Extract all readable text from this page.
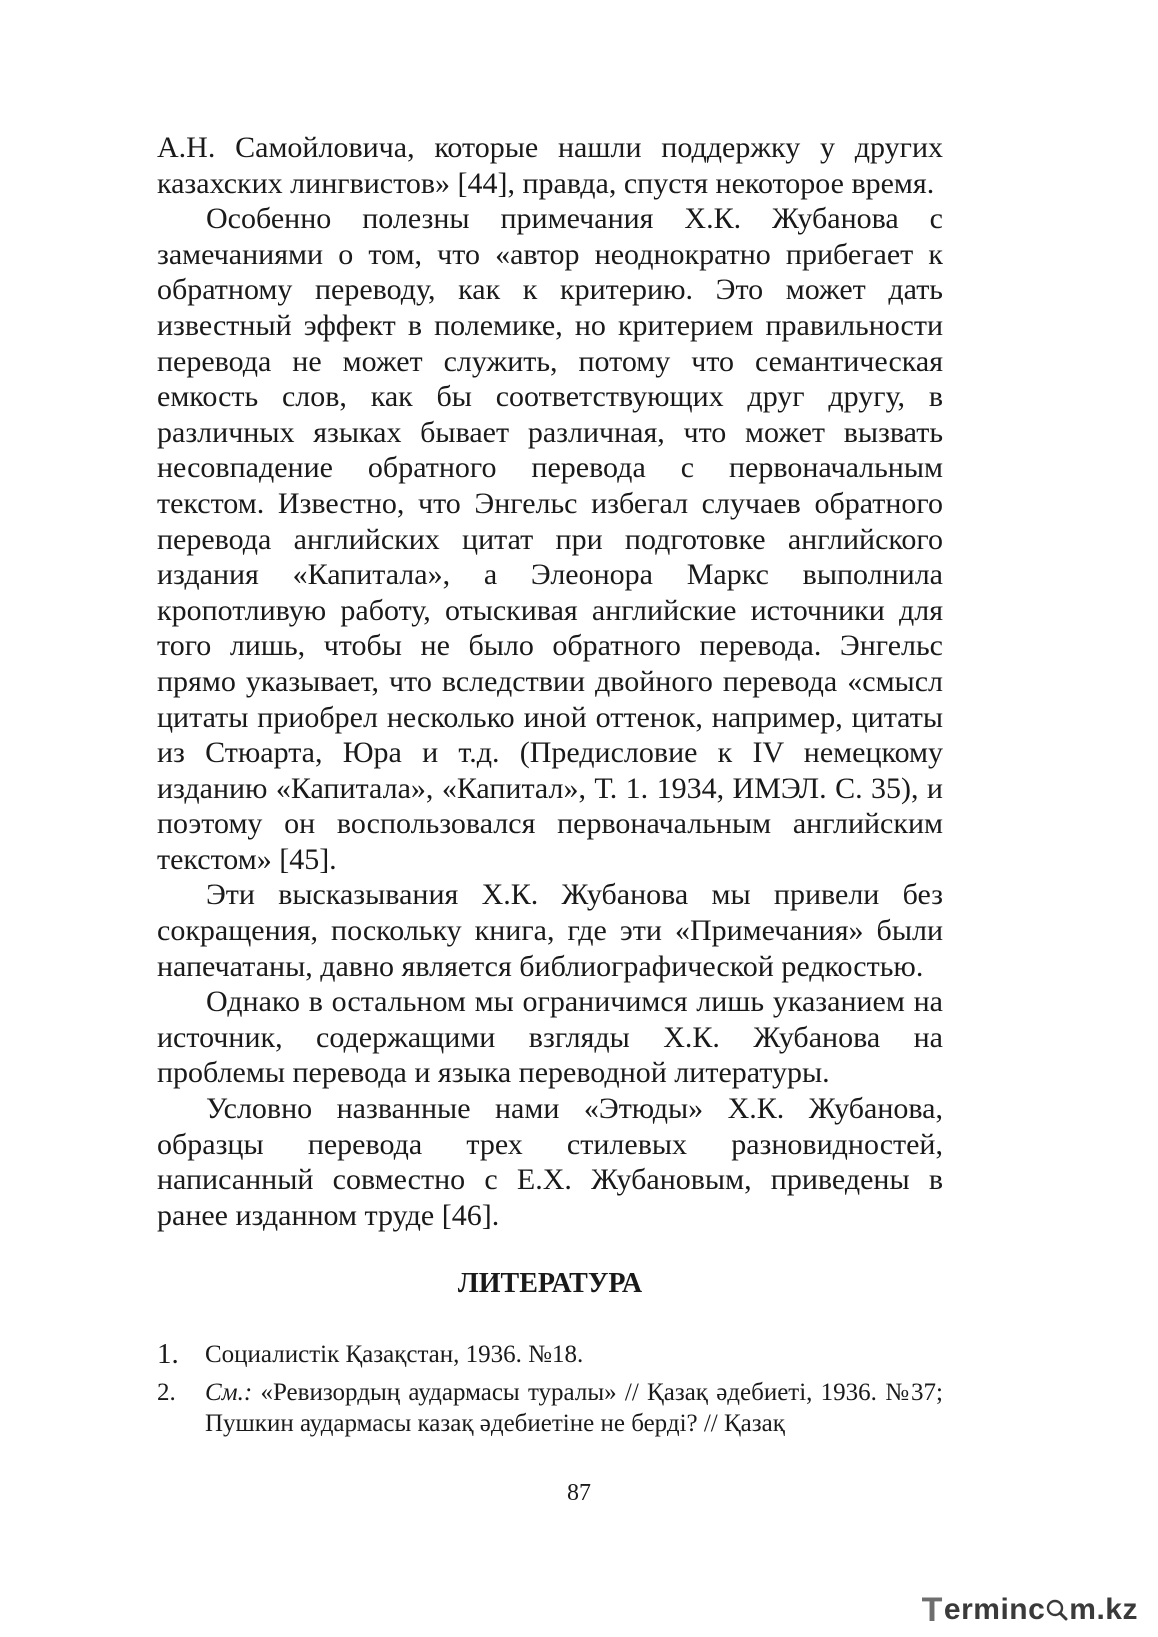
А.Н. Самойловича, которые нашли поддержку у других казахских лингвистов» [44], правда, спустя некоторое время.

Особенно полезны примечания Х.К. Жубанова с замечаниями о том, что «автор неоднократно прибегает к обратному переводу, как к критерию. Это может дать известный эффект в полемике, но критерием правильности перевода не может служить, потому что семантическая емкость слов, как бы соответствующих друг другу, в различных языках бывает различная, что может вызвать несовпадение обратного перевода с первоначальным текстом. Известно, что Энгельс избегал случаев обратного перевода английских цитат при подготовке английского издания «Капитала», а Элеонора Маркс выполнила кропотливую работу, отыскивая английские источники для того лишь, чтобы не было обратного перевода. Энгельс прямо указывает, что вследствии двойного перевода «смысл цитаты приобрел несколько иной оттенок, например, цитаты из Стюарта, Юра и т.д. (Предисловие к IV немецкому изданию «Капитала», «Капитал», Т. 1. 1934, ИМЭЛ. С. 35), и поэтому он воспользовался первоначальным английским текстом» [45].

Эти высказывания Х.К. Жубанова мы привели без сокращения, поскольку книга, где эти «Примечания» были напечатаны, давно является библиографической редкостью.

Однако в остальном мы ограничимся лишь указанием на источник, содержащими взгляды Х.К. Жубанова на проблемы перевода и языка переводной литературы.

Условно названные нами «Этюды» Х.К. Жубанова, образцы перевода трех стилевых разновидностей, написанный совместно с Е.Х. Жубановым, приведены в ранее изданном труде [46].

ЛИТЕРАТУРА
1. Социалистік Қазақстан, 1936. №18.
2. См.: «Ревизордың аудармасы туралы» // Қазақ әдебиеті, 1936. №37; Пушкин аудармасы казақ әдебиетіне не берді? // Қазақ
87
T erminc m.kz
